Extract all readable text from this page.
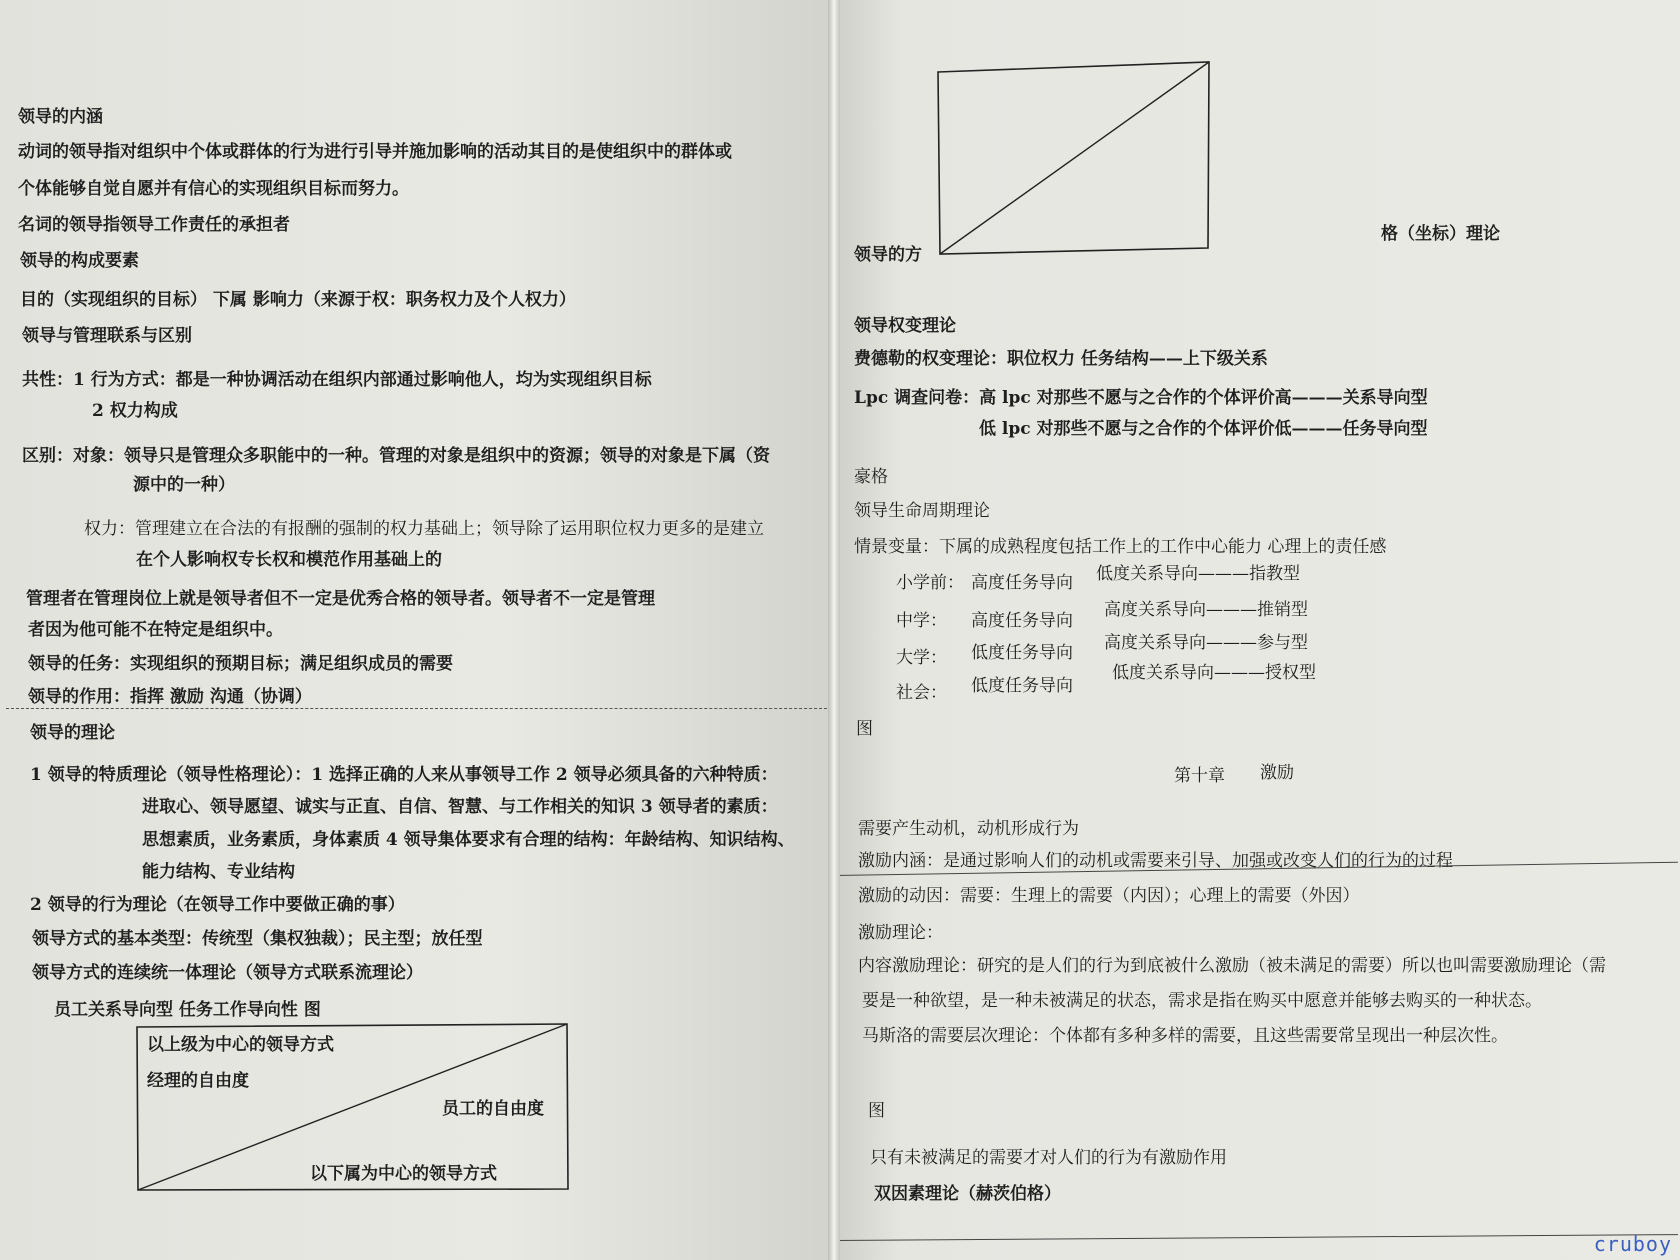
领导的内涵
动词的领导指对组织中个体或群体的行为进行引导并施加影响的活动其目的是使组织中的群体或
个体能够自觉自愿并有信心的实现组织目标而努力。
名词的领导指领导工作责任的承担者
领导的构成要素
目的（实现组织的目标） 下属 影响力（来源于权：职务权力及个人权力）
领导与管理联系与区别
共性：1 行为方式：都是一种协调活动在组织内部通过影响他人，均为实现组织目标
2 权力构成
区别：对象：领导只是管理众多职能中的一种。管理的对象是组织中的资源；领导的对象是下属（资
源中的一种）
权力：管理建立在合法的有报酬的强制的权力基础上；领导除了运用职位权力更多的是建立
在个人影响权专长权和模范作用基础上的
管理者在管理岗位上就是领导者但不一定是优秀合格的领导者。领导者不一定是管理
者因为他可能不在特定是组织中。
领导的任务：实现组织的预期目标；满足组织成员的需要
领导的作用：指挥 激励 沟通（协调）
领导的理论
1 领导的特质理论（领导性格理论）：1 选择正确的人来从事领导工作 2 领导必须具备的六种特质：
进取心、领导愿望、诚实与正直、自信、智慧、与工作相关的知识 3 领导者的素质：
思想素质，业务素质，身体素质 4 领导集体要求有合理的结构：年龄结构、知识结构、
能力结构、专业结构
2 领导的行为理论（在领导工作中要做正确的事）
领导方式的基本类型：传统型（集权独裁）；民主型；放任型
领导方式的连续统一体理论（领导方式联系流理论）
员工关系导向型 任务工作导向性 图
以上级为中心的领导方式
经理的自由度
员工的自由度
以下属为中心的领导方式
领导的方
格（坐标）理论
领导权变理论
费德勒的权变理论：职位权力 任务结构——上下级关系
Lpc 调查问卷：高 lpc 对那些不愿与之合作的个体评价高———关系导向型
低 lpc 对那些不愿与之合作的个体评价低———任务导向型
豪格
领导生命周期理论
情景变量：下属的成熟程度包括工作上的工作中心能力 心理上的责任感
小学前： 高度任务导向 低度关系导向———指教型
中学： 高度任务导向
高度关系导向———推销型
大学： 低度任务导向 高度关系导向———参与型
社会： 低度任务导向
低度关系导向———授权型
图
第十章 激励
需要产生动机，动机形成行为
激励内涵：是通过影响人们的动机或需要来引导、加强或改变人们的行为的过程
激励的动因：需要：生理上的需要（内因）；心理上的需要（外因）
激励理论：
内容激励理论：研究的是人们的行为到底被什么激励（被未满足的需要）所以也叫需要激励理论（需
要是一种欲望，是一种未被满足的状态，需求是指在购买中愿意并能够去购买的一种状态。
马斯洛的需要层次理论：个体都有多种多样的需要，且这些需要常呈现出一种层次性。
图
只有未被满足的需要才对人们的行为有激励作用
双因素理论（赫茨伯格）
cruboy
